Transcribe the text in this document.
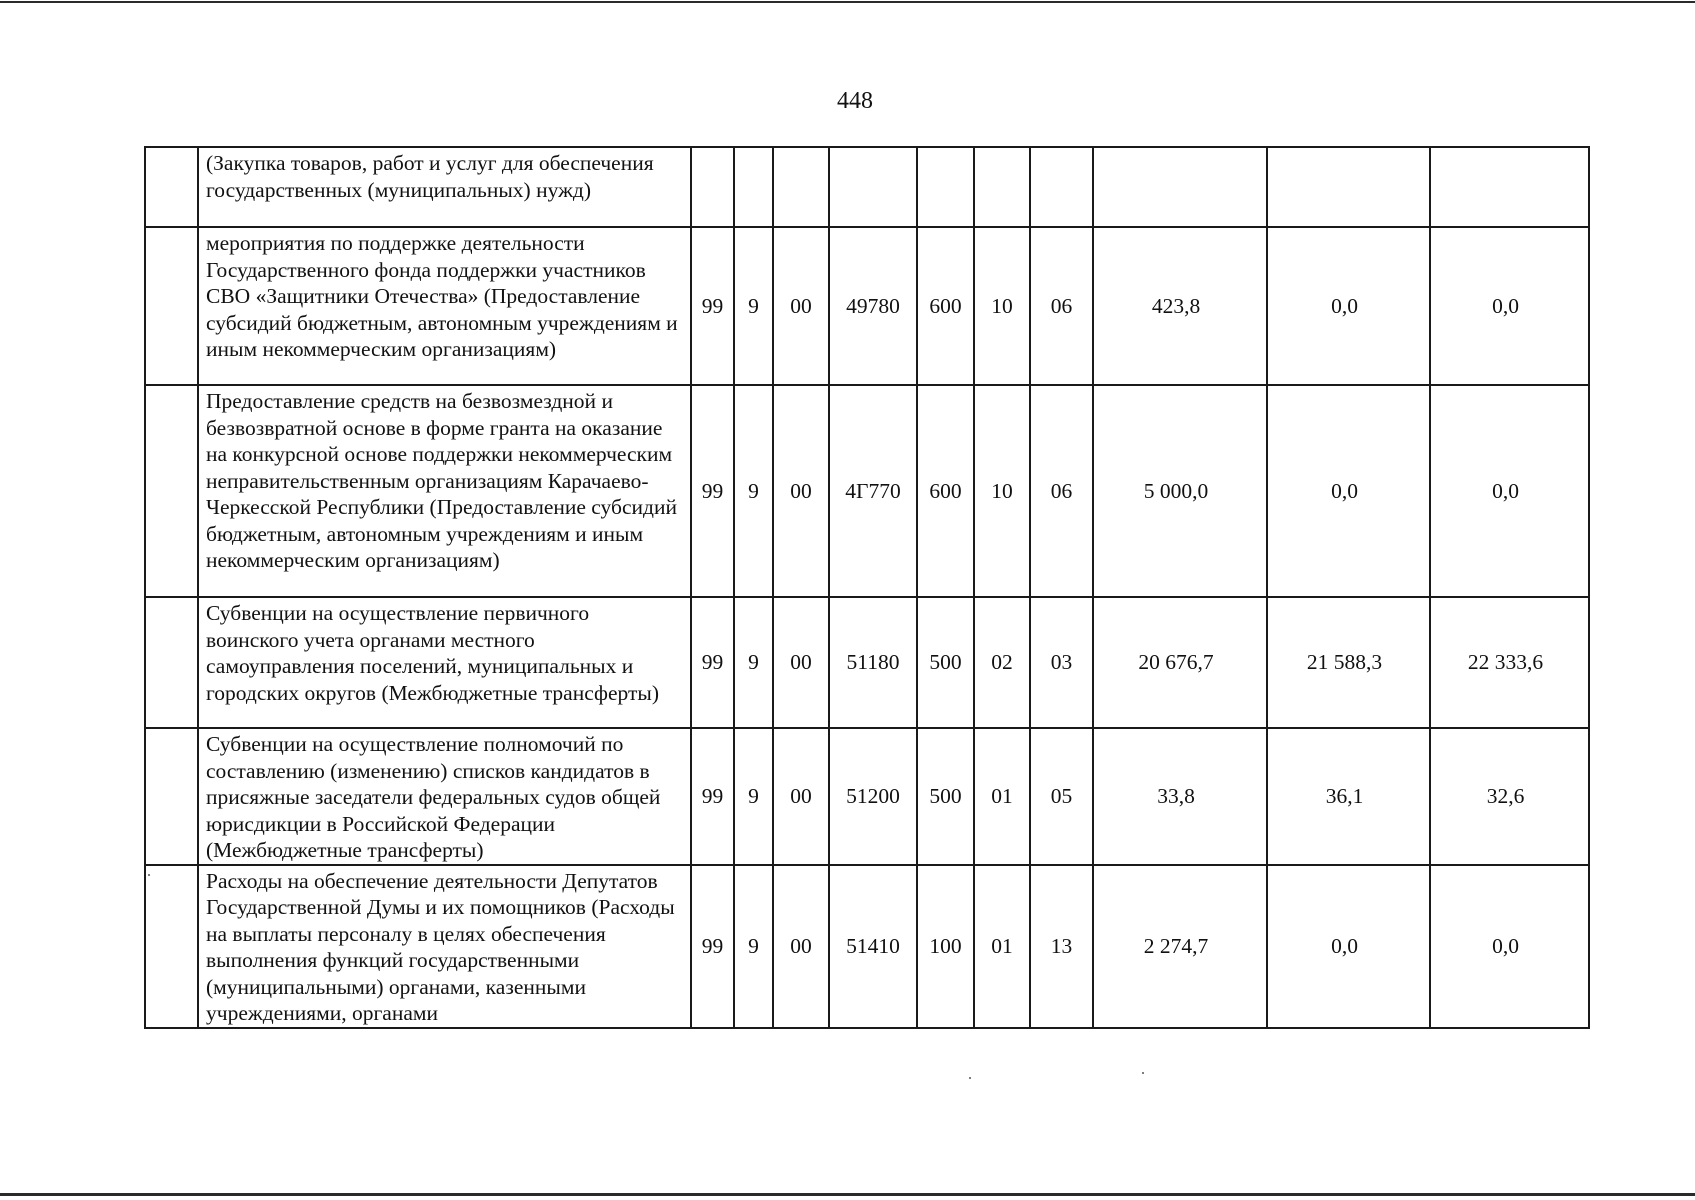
448
	(Закупка товаров, работ и услуг для обеспечения государственных (муниципальных) нужд)										
	мероприятия по поддержке деятельности Государственного фонда поддержки участников СВО «Защитники Отечества» (Предоставление субсидий бюджетным, автономным учреждениям и иным некоммерческим организациям)	99	9	00	49780	600	10	06	423,8	0,0	0,0
	Предоставление средств на безвозмездной и безвозвратной основе в форме гранта на оказание на конкурсной основе поддержки некоммерческим неправительственным организациям Карачаево-Черкесской Республики (Предоставление субсидий бюджетным, автономным учреждениям и иным некоммерческим организациям)	99	9	00	4Г770	600	10	06	5 000,0	0,0	0,0
	Субвенции на осуществление первичного воинского учета органами местного самоуправления поселений, муниципальных и городских округов (Межбюджетные трансферты)	99	9	00	51180	500	02	03	20 676,7	21 588,3	22 333,6
	Субвенции на осуществление полномочий по составлению (изменению) списков кандидатов в присяжные заседатели федеральных судов общей юрисдикции в Российской Федерации (Межбюджетные трансферты)	99	9	00	51200	500	01	05	33,8	36,1	32,6
	Расходы на обеспечение деятельности Депутатов Государственной Думы и их помощников (Расходы на выплаты персоналу в целях обеспечения выполнения функций государственными (муниципальными) органами, казенными учреждениями, органами	99	9	00	51410	100	01	13	2 274,7	0,0	0,0
